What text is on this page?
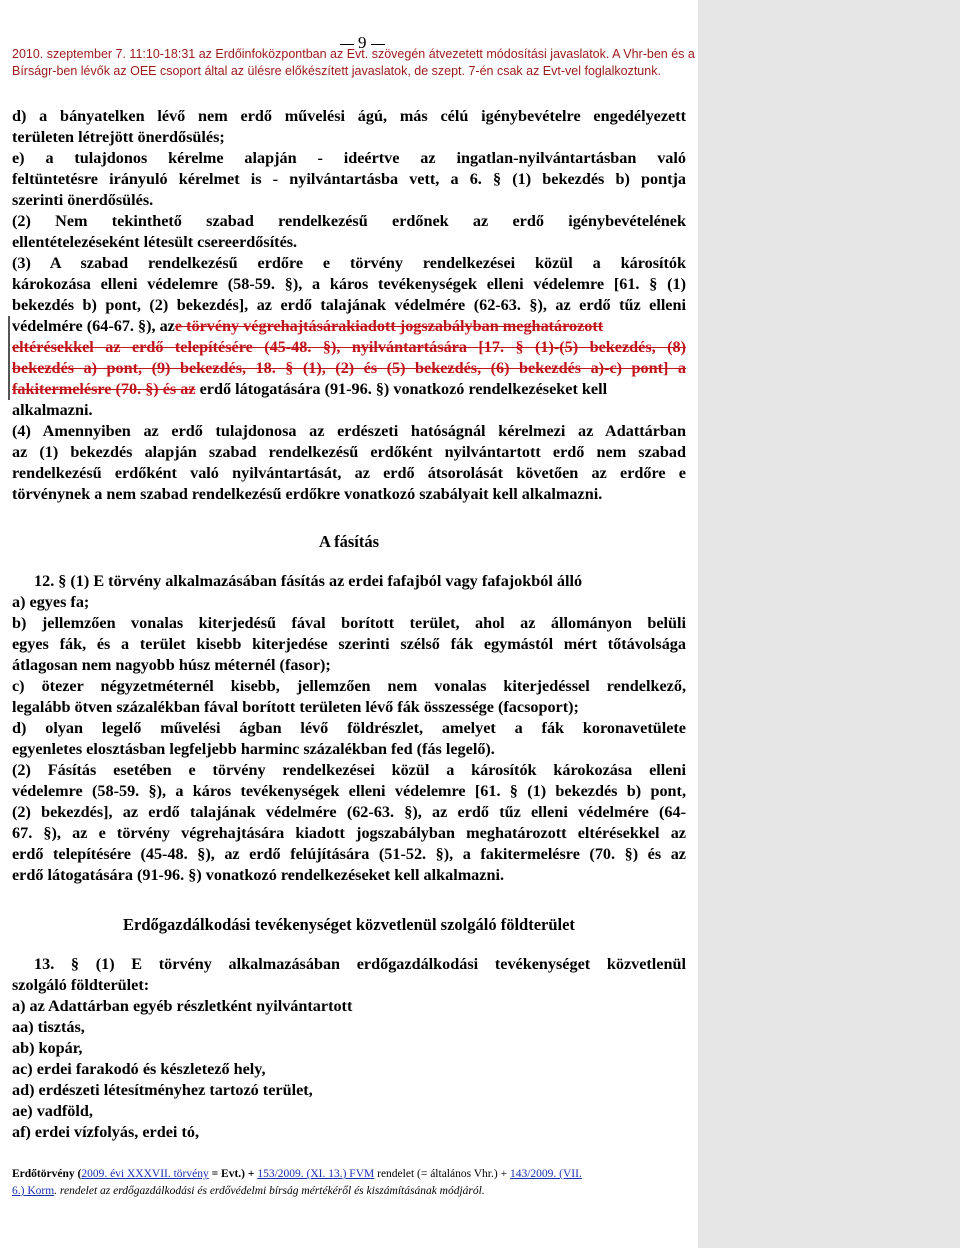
9
2010. szeptember 7. 11:10-18:31 az Erdőinfoközpontban az Evt. szövegén átvezetett módosítási javaslatok. A Vhr-ben és a
Bírságr-ben lévők az OEE csoport által az ülésre előkészített javaslatok, de szept. 7-én csak az Evt-vel foglalkoztunk.
d) a bányatelken lévő nem erdő művelési ágú, más célú igénybevételre engedélyezett
területen létrejött önerdősülés;
e) a tulajdonos kérelme alapján - ideértve az ingatlan-nyilvántartásban való
feltüntetésre irányuló kérelmet is - nyilvántartásba vett, a 6. § (1) bekezdés b) pontja
szerinti önerdősülés.
(2) Nem tekinthető szabad rendelkezésű erdőnek az erdő igénybevételének
ellentételezéseként létesült csereerdősítés.
(3) A szabad rendelkezésű erdőre e törvény rendelkezései közül a károsítók
károkozása elleni védelemre (58-59. §), a káros tevékenységek elleni védelemre [61. § (1)
bekezdés b) pont, (2) bekezdés], az erdő talajának védelmére (62-63. §), az erdő tűz elleni
védelmére (64-67. §), aze törvény végrehajtásárakiadott jogszabályban meghatározott
eltérésekkel az erdő telepítésére (45-48. §), nyilvántartására [17. § (1)-(5) bekezdés, (8)
bekezdés a) pont, (9) bekezdés, 18. § (1), (2) és (5) bekezdés, (6) bekezdés a)-c) pont] a
fakitermelésre (70. §) és az erdő látogatására (91-96. §) vonatkozó rendelkezéseket kell
alkalmazni.
(4) Amennyiben az erdő tulajdonosa az erdészeti hatóságnál kérelmezi az Adattárban
az (1) bekezdés alapján szabad rendelkezésű erdőként nyilvántartott erdő nem szabad
rendelkezésű erdőként való nyilvántartását, az erdő átsorolását követően az erdőre e
törvénynek a nem szabad rendelkezésű erdőkre vonatkozó szabályait kell alkalmazni.
A fásítás
12. § (1) E törvény alkalmazásában fásítás az erdei fafajból vagy fafajokból álló
a) egyes fa;
b) jellemzően vonalas kiterjedésű fával borított terület, ahol az állományon belüli
egyes fák, és a terület kisebb kiterjedése szerinti szélső fák egymástól mért tőtávolsága
átlagosan nem nagyobb húsz méternél (fasor);
c) ötezer négyzetméternél kisebb, jellemzően nem vonalas kiterjedéssel rendelkező,
legalább ötven százalékban fával borított területen lévő fák összessége (facsoport);
d) olyan legelő művelési ágban lévő földrészlet, amelyet a fák koronavetülete
egyenletes elosztásban legfeljebb harminc százalékban fed (fás legelő).
(2) Fásítás esetében e törvény rendelkezései közül a károsítók károkozása elleni
védelemre (58-59. §), a káros tevékenységek elleni védelemre [61. § (1) bekezdés b) pont,
(2) bekezdés], az erdő talajának védelmére (62-63. §), az erdő tűz elleni védelmére (64-
67. §), az e törvény végrehajtására kiadott jogszabályban meghatározott eltérésekkel az
erdő telepítésére (45-48. §), az erdő felújítására (51-52. §), a fakitermelésre (70. §) és az
erdő látogatására (91-96. §) vonatkozó rendelkezéseket kell alkalmazni.
Erdőgazdálkodási tevékenységet közvetlenül szolgáló földterület
13. § (1) E törvény alkalmazásában erdőgazdálkodási tevékenységet közvetlenül
szolgáló földterület:
a) az Adattárban egyéb részletként nyilvántartott
aa) tisztás,
ab) kopár,
ac) erdei farakodó és készletező hely,
ad) erdészeti létesítményhez tartozó terület,
ae) vadföld,
af) erdei vízfolyás, erdei tó,
Erdőtörvény (2009. évi XXXVII. törvény = Evt.) + 153/2009. (XI. 13.) FVM rendelet (= általános Vhr.) + 143/2009. (VII.
6.) Korm. rendelet az erdőgazdálkodási és erdővédelmi bírság mértékéről és kiszámításának módjáról.
